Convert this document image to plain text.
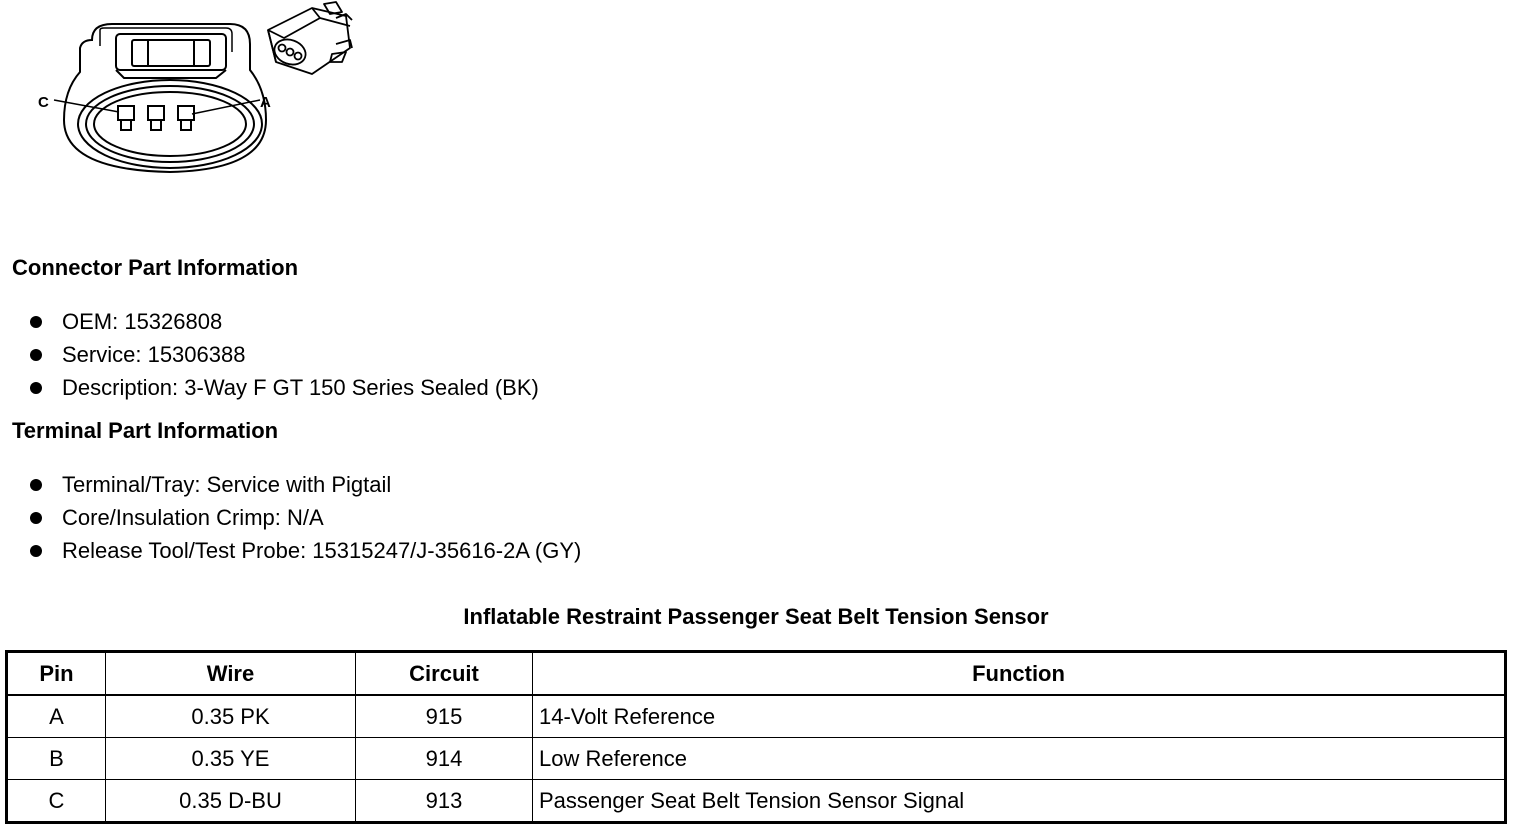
C	A
Connector Part Information
OEM: 15326808
Service: 15306388
Description: 3-Way F GT 150 Series Sealed (BK)
Terminal Part Information
Terminal/Tray: Service with Pigtail
Core/Insulation Crimp: N/A
Release Tool/Test Probe: 15315247/J-35616-2A (GY)
Inflatable Restraint Passenger Seat Belt Tension Sensor
Pin	Wire	Circuit	Function
A	0.35 PK	915	14-Volt Reference
B	0.35 YE	914	Low Reference
C	0.35 D-BU	913	Passenger Seat Belt Tension Sensor Signal
